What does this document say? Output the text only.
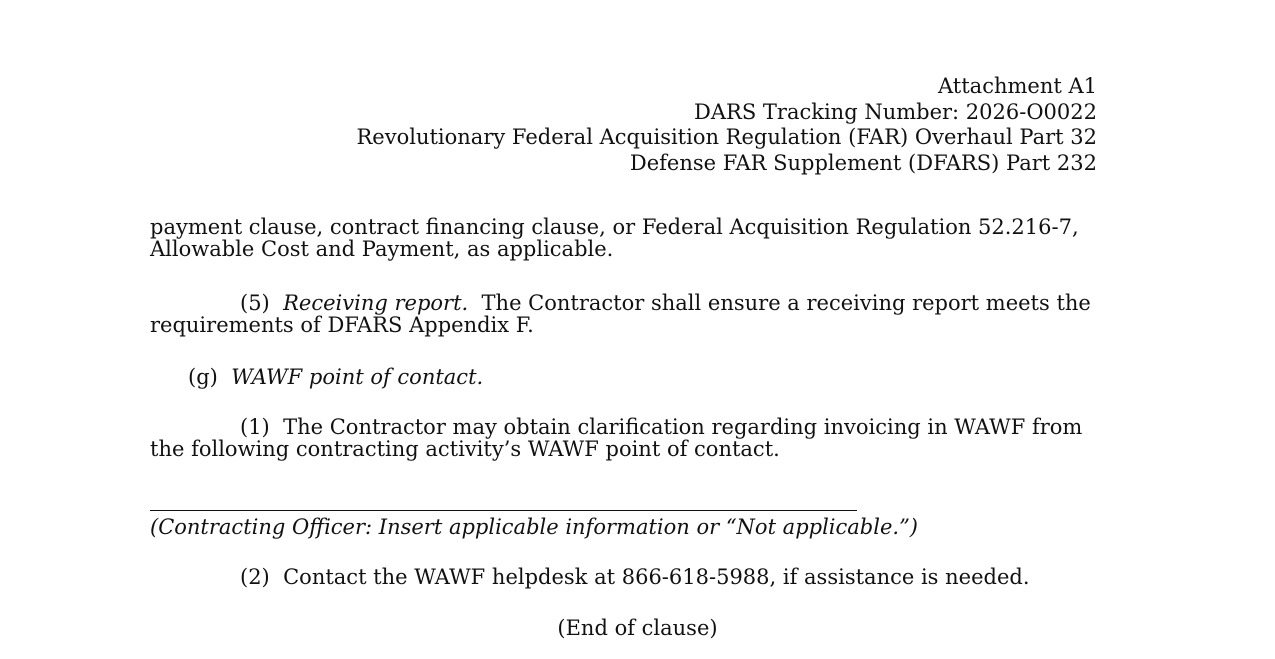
Attachment A1
DARS Tracking Number: 2026-O0022
Revolutionary Federal Acquisition Regulation (FAR) Overhaul Part 32
Defense FAR Supplement (DFARS) Part 232
payment clause, contract financing clause, or Federal Acquisition Regulation 52.216-7, Allowable Cost and Payment, as applicable.
(5) Receiving report. The Contractor shall ensure a receiving report meets the requirements of DFARS Appendix F.
(g) WAWF point of contact.
(1) The Contractor may obtain clarification regarding invoicing in WAWF from the following contracting activity’s WAWF point of contact.
(Contracting Officer: Insert applicable information or “Not applicable.”)
(2) Contact the WAWF helpdesk at 866-618-5988, if assistance is needed.
(End of clause)
